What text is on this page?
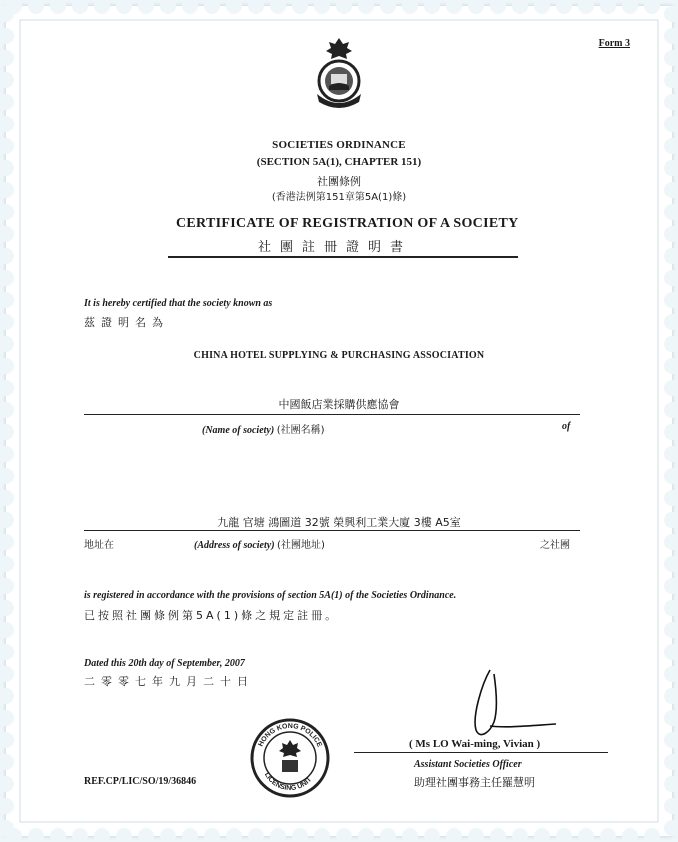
Form 3
SOCIETIES ORDINANCE
(SECTION 5A(1), CHAPTER 151)
社團條例
(香港法例第151章第5A(1)條)
CERTIFICATE OF REGISTRATION OF A SOCIETY
社團註冊證明書
It is hereby certified that the society known as
茲證明名為
CHINA HOTEL SUPPLYING & PURCHASING ASSOCIATION
中國飯店業採購供應協會
(Name of society) (社團名稱)	of
九龍 官塘 鴻圖道 32號 榮興利工業大廈 3樓 A5室
地址在	(Address of society) (社團地址)	之社團
is registered in accordance with the provisions of section 5A(1) of the Societies Ordinance.
已按照社團條例第5A(1)條之規定註冊。
Dated this 20th day of September, 2007
二零零七年九月二十日
HONG KONG POLICE
LICENSING UNIT
( Ms LO Wai-ming, Vivian )
Assistant Societies Officer
助理社團事務主任羅慧明
REF.CP/LIC/SO/19/36846
